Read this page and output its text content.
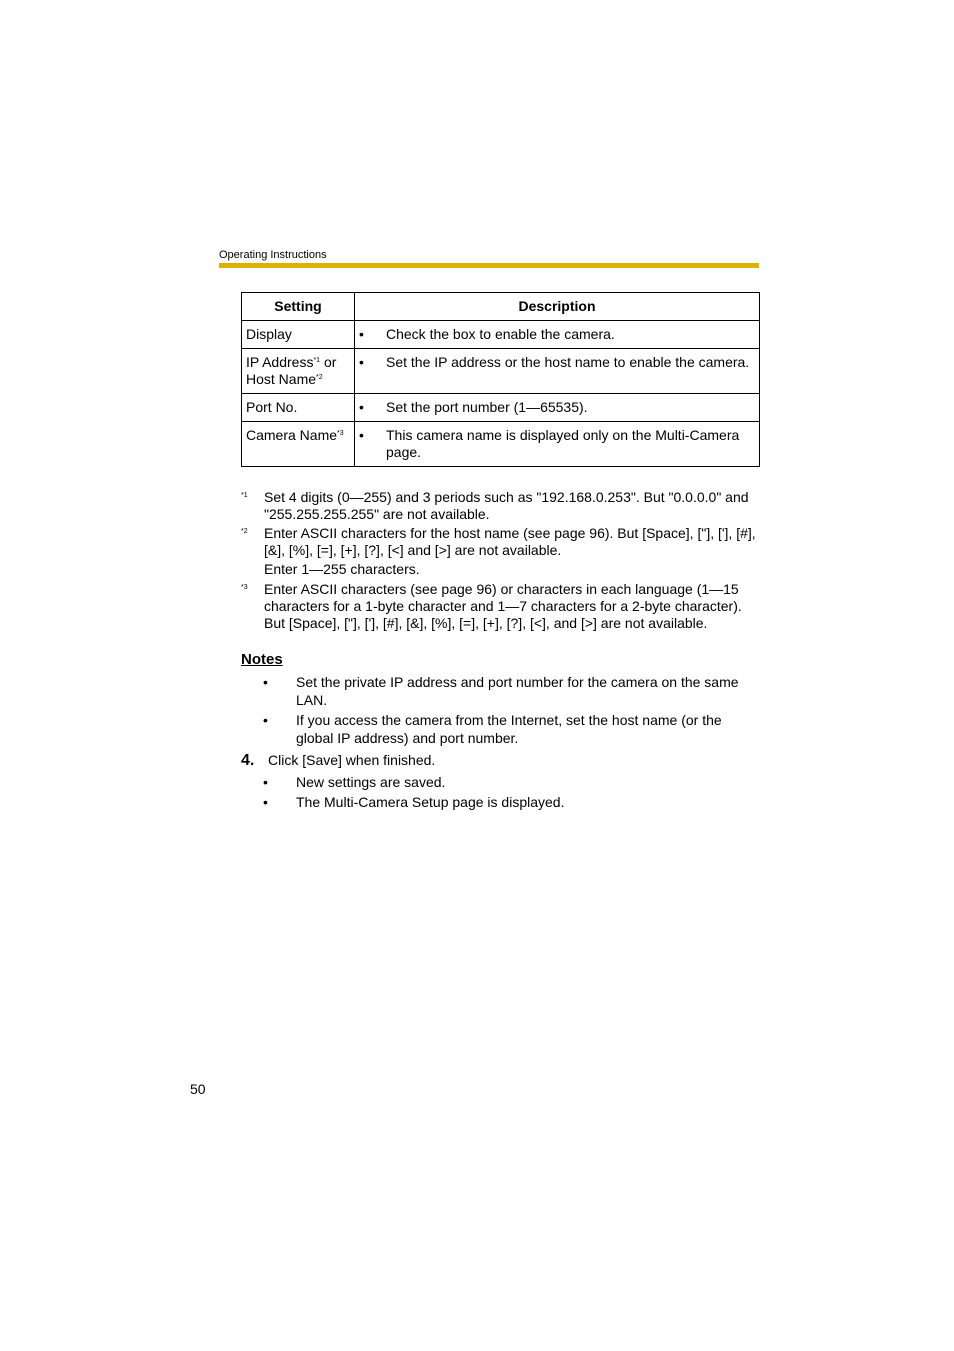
Operating Instructions
Setting	Description
Display	• Check the box to enable the camera.

IP Address$^{*1}$ or
Host Name$^{*2}$	• Set the IP address or the host name to enable the camera.

Port No.	• Set the port number (1—65535).

Camera Name$^{*3}$	• This camera name is displayed only on the Multi-Camera page.
*1	Set 4 digits (0—255) and 3 periods such as "192.168.0.253". But "0.0.0.0" and "255.255.255.255" are not available.
*2	Enter ASCII characters for the host name (see page 96). But [Space], ["], ['], [#], [&], [%], [=], [+], [?], [<] and [>] are not available.
Enter 1—255 characters.
*3	Enter ASCII characters (see page 96) or characters in each language (1—15 characters for a 1-byte character and 1—7 characters for a 2-byte character). But [Space], ["], ['], [#], [&], [%], [=], [+], [?], [<], and [>] are not available.
Notes
•	Set the private IP address and port number for the camera on the same LAN.
•	If you access the camera from the Internet, set the host name (or the global IP address) and port number.
4. Click [Save] when finished.
•	New settings are saved.
•	The Multi-Camera Setup page is displayed.
50
